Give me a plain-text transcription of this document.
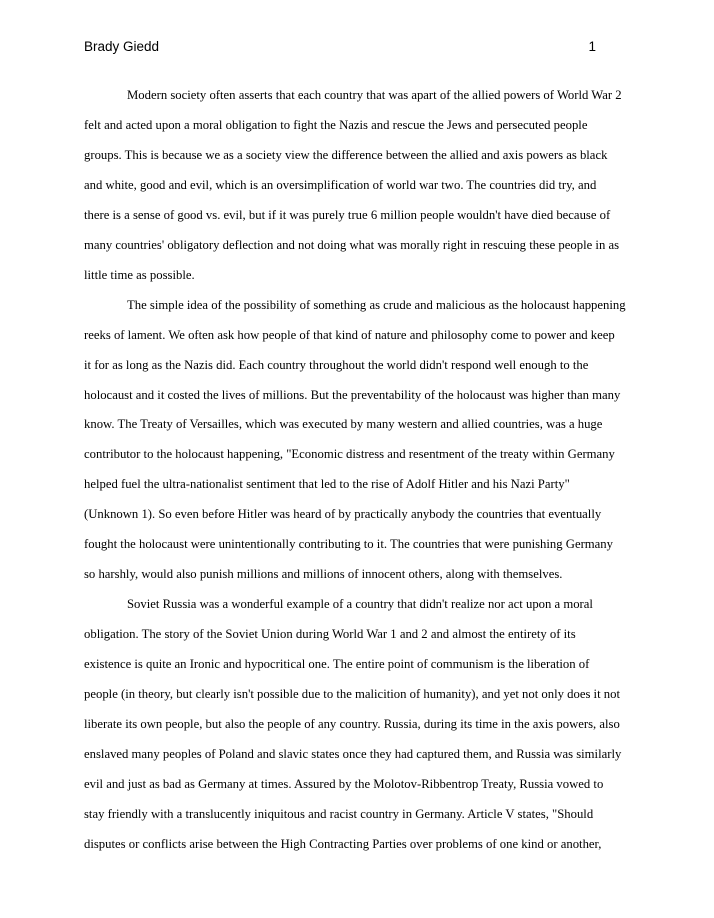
Brady Giedd	1
Modern society often asserts that each country that was apart of the allied powers of World War 2
felt and acted upon a moral obligation to fight the Nazis and rescue the Jews and persecuted people
groups. This is because we as a society view the difference between the allied and axis powers as black
and white, good and evil, which is an oversimplification of world war two. The countries did try, and
there is a sense of good vs. evil, but if it was purely true 6 million people wouldn't have died because of
many countries' obligatory deflection and not doing what was morally right in rescuing these people in as
little time as possible.
The simple idea of the possibility of something as crude and malicious as the holocaust happening
reeks of lament. We often ask how people of that kind of nature and philosophy come to power and keep
it for as long as the Nazis did. Each country throughout the world didn't respond well enough to the
holocaust and it costed the lives of millions. But the preventability of the holocaust was higher than many
know. The Treaty of Versailles, which was executed by many western and allied countries, was a huge
contributor to the holocaust happening, "Economic distress and resentment of the treaty within Germany
helped fuel the ultra-nationalist sentiment that led to the rise of Adolf Hitler and his Nazi Party"
(Unknown 1). So even before Hitler was heard of by practically anybody the countries that eventually
fought the holocaust were unintentionally contributing to it. The countries that were punishing Germany
so harshly, would also punish millions and millions of innocent others, along with themselves.
Soviet Russia was a wonderful example of a country that didn't realize nor act upon a moral
obligation. The story of the Soviet Union during World War 1 and 2 and almost the entirety of its
existence is quite an Ironic and hypocritical one. The entire point of communism is the liberation of
people (in theory, but clearly isn't possible due to the malicition of humanity), and yet not only does it not
liberate its own people, but also the people of any country. Russia, during its time in the axis powers, also
enslaved many peoples of Poland and slavic states once they had captured them, and Russia was similarly
evil and just as bad as Germany at times. Assured by the Molotov-Ribbentrop Treaty, Russia vowed to
stay friendly with a translucently iniquitous and racist country in Germany. Article V states, "Should
disputes or conflicts arise between the High Contracting Parties over problems of one kind or another,
